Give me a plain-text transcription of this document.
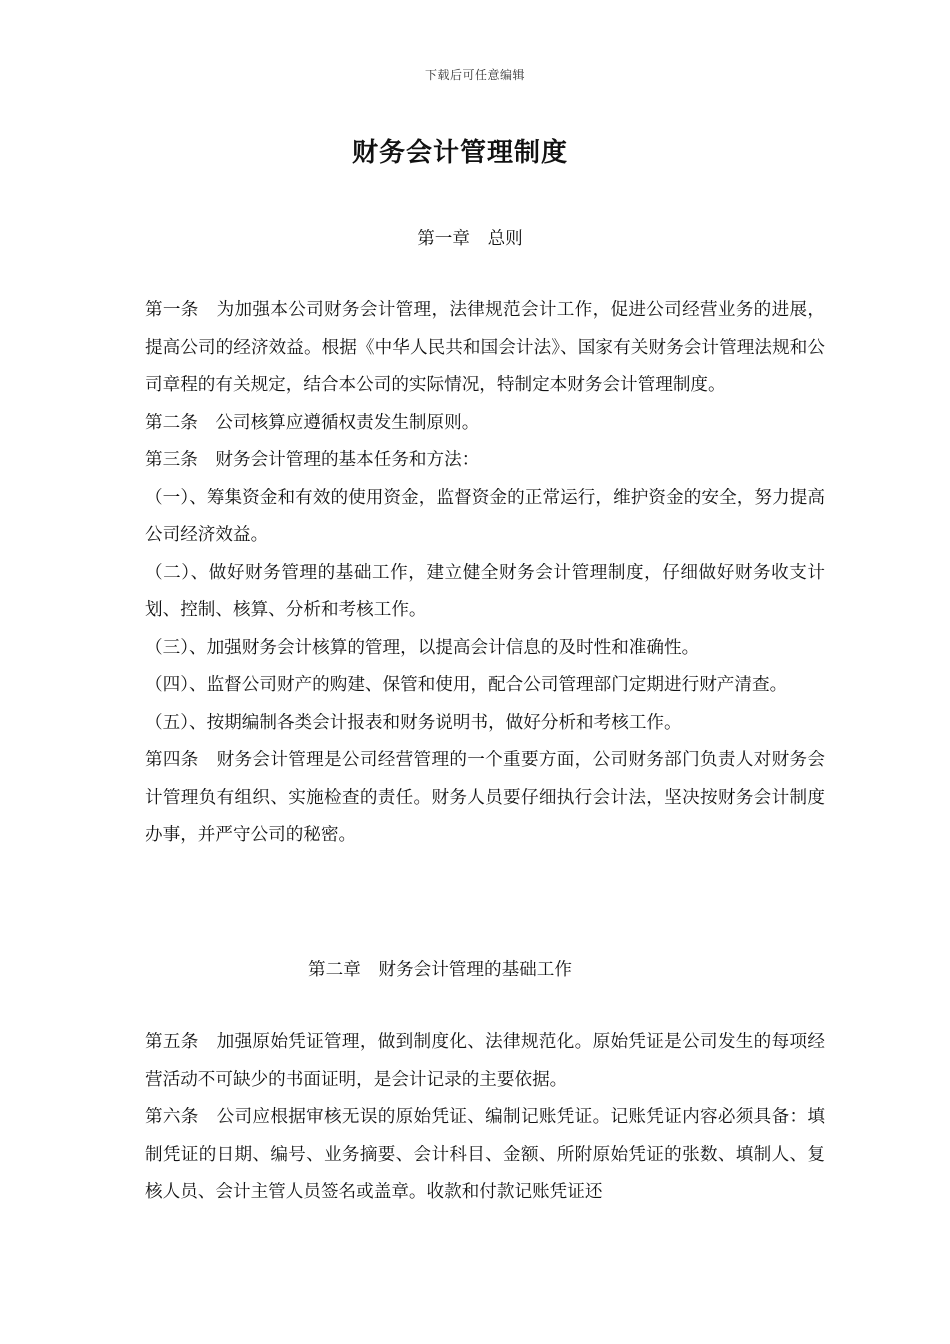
下载后可任意编辑
财务会计管理制度
第一章　总则

第一条　为加强本公司财务会计管理，法律规范会计工作，促进公司经营业务的进展，提高公司的经济效益。根据《中华人民共和国会计法》、国家有关财务会计管理法规和公司章程的有关规定，结合本公司的实际情况，特制定本财务会计管理制度。

第二条　公司核算应遵循权责发生制原则。

第三条　财务会计管理的基本任务和方法：

（一）、筹集资金和有效的使用资金，监督资金的正常运行，维护资金的安全，努力提高公司经济效益。

（二）、做好财务管理的基础工作，建立健全财务会计管理制度，仔细做好财务收支计划、控制、核算、分析和考核工作。

（三）、加强财务会计核算的管理，以提高会计信息的及时性和准确性。

（四）、监督公司财产的购建、保管和使用，配合公司管理部门定期进行财产清查。

（五）、按期编制各类会计报表和财务说明书，做好分析和考核工作。

第四条　财务会计管理是公司经营管理的一个重要方面，公司财务部门负责人对财务会计管理负有组织、实施检查的责任。财务人员要仔细执行会计法，坚决按财务会计制度办事，并严守公司的秘密。

第二章　财务会计管理的基础工作

第五条　加强原始凭证管理，做到制度化、法律规范化。原始凭证是公司发生的每项经营活动不可缺少的书面证明，是会计记录的主要依据。

第六条　公司应根据审核无误的原始凭证、编制记账凭证。记账凭证内容必须具备：填制凭证的日期、编号、业务摘要、会计科目、金额、所附原始凭证的张数、填制人、复核人员、会计主管人员签名或盖章。收款和付款记账凭证还
